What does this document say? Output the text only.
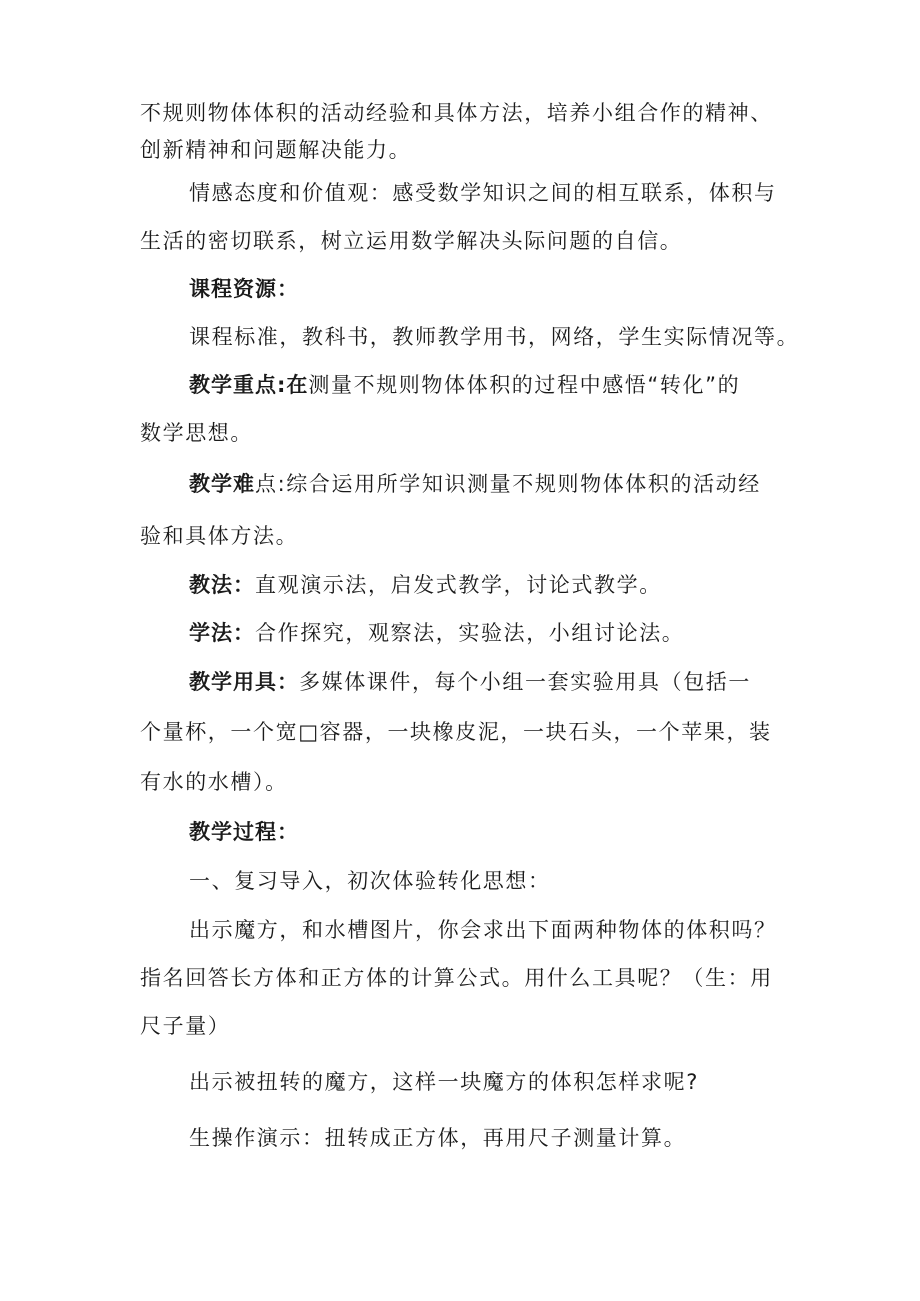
不规则物体体积的活动经验和具体方法，培养小组合作的精神、
创新精神和问题解决能力。
情感态度和价值观：感受数学知识之间的相互联系，体积与
生活的密切联系，树立运用数学解决头际问题的自信。
课程资源：
课程标准，教科书，教师教学用书，网络，学生实际情况等。
教学重点:在测量不规则物体体积的过程中感悟“转化”的
数学思想。
教学难点:综合运用所学知识测量不规则物体体积的活动经
验和具体方法。
教法：直观演示法，启发式教学，讨论式教学。
学法：合作探究，观察法，实验法，小组讨论法。
教学用具：多媒体课件，每个小组一套实验用具（包括一
个量杯，一个宽□容器，一块橡皮泥，一块石头，一个苹果，装
有水的水槽）。
教学过程：
一、复习导入，初次体验转化思想：
出示魔方，和水槽图片，你会求出下面两种物体的体积吗？
指名回答长方体和正方体的计算公式。用什么工具呢？（生：用
尺子量）
出示被扭转的魔方，这样一块魔方的体积怎样求呢?
生操作演示：扭转成正方体，再用尺子测量计算。
